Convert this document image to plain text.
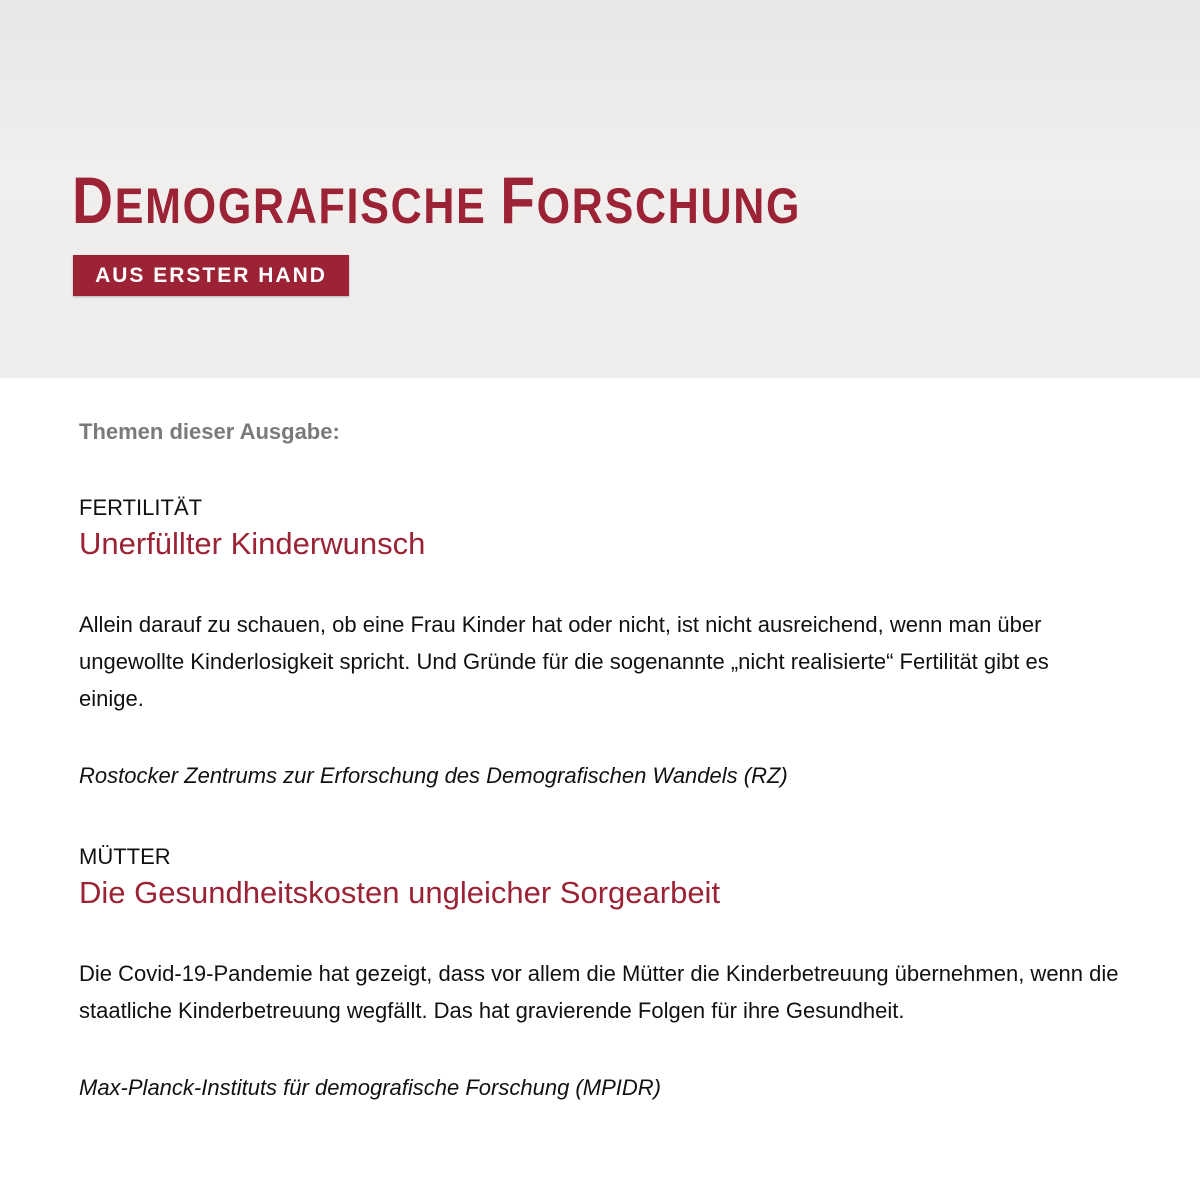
DEMOGRAFISCHE FORSCHUNG
AUS ERSTER HAND

Themen dieser Ausgabe:

FERTILITÄT

Unerfüllter Kinderwunsch

Allein darauf zu schauen, ob eine Frau Kinder hat oder nicht, ist nicht ausreichend, wenn man über ungewollte Kinderlosigkeit spricht. Und Gründe für die sogenannte „nicht realisierte“ Fertilität gibt es einige.

Rostocker Zentrums zur Erforschung des Demografischen Wandels (RZ)

MÜTTER

Die Gesundheitskosten ungleicher Sorgearbeit

Die Covid-19-Pandemie hat gezeigt, dass vor allem die Mütter die Kinderbetreuung übernehmen, wenn die staatliche Kinderbetreuung wegfällt. Das hat gravierende Folgen für ihre Gesundheit.

Max-Planck-Instituts für demografische Forschung (MPIDR)
